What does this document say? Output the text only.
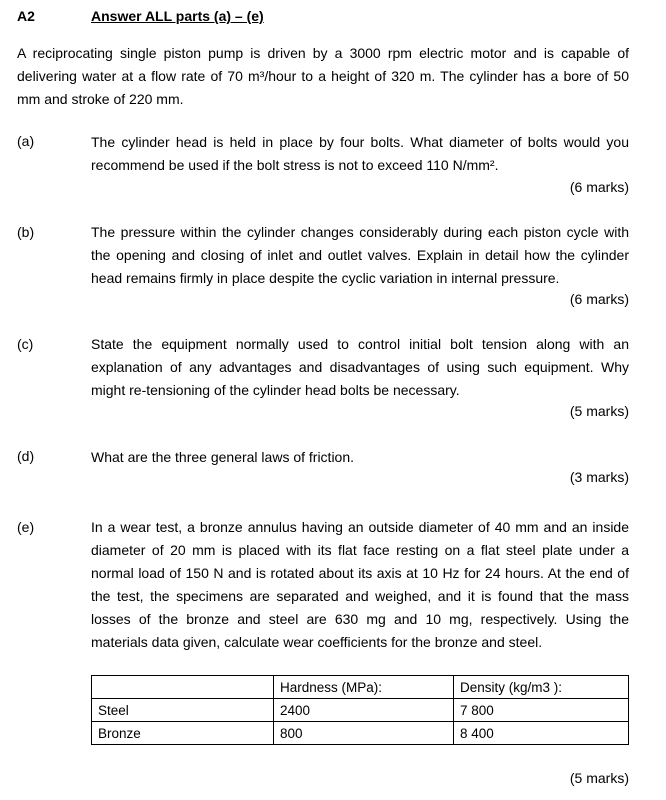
A2	Answer ALL parts (a) – (e)
A reciprocating single piston pump is driven by a 3000 rpm electric motor and is capable of delivering water at a flow rate of 70 m³/hour to a height of 320 m. The cylinder has a bore of 50 mm and stroke of 220 mm.
(a)	The cylinder head is held in place by four bolts. What diameter of bolts would you recommend be used if the bolt stress is not to exceed 110 N/mm².
(6 marks)
(b)	The pressure within the cylinder changes considerably during each piston cycle with the opening and closing of inlet and outlet valves. Explain in detail how the cylinder head remains firmly in place despite the cyclic variation in internal pressure.
(6 marks)
(c)	State the equipment normally used to control initial bolt tension along with an explanation of any advantages and disadvantages of using such equipment. Why might re-tensioning of the cylinder head bolts be necessary.
(5 marks)
(d)	What are the three general laws of friction.
(3 marks)
(e)	In a wear test, a bronze annulus having an outside diameter of 40 mm and an inside diameter of 20 mm is placed with its flat face resting on a flat steel plate under a normal load of 150 N and is rotated about its axis at 10 Hz for 24 hours. At the end of the test, the specimens are separated and weighed, and it is found that the mass losses of the bronze and steel are 630 mg and 10 mg, respectively. Using the materials data given, calculate wear coefficients for the bronze and steel.
	Hardness (MPa):	Density (kg/m3 ):
Steel	2400	7 800
Bronze	800	8 400
(5 marks)
